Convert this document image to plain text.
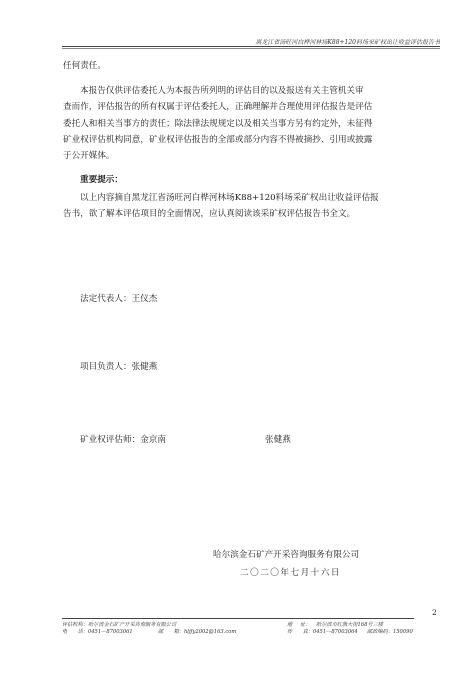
黑龙江省汤旺河白桦河林场K88+120料场采矿权出让收益评估报告书
任何责任。
本报告仅供评估委托人为本报告所列明的评估目的以及报送有关主管机关审
查而作，评估报告的所有权属于评估委托人，正确理解并合理使用评估报告是评估
委托人和相关当事方的责任；除法律法规规定以及相关当事方另有约定外，未征得
矿业权评估机构同意，矿业权评估报告的全部或部分内容不得被摘抄、引用或披露
于公开媒体。
重要提示：
以上内容摘自黑龙江省汤旺河白桦河林场K88+120料场采矿权出让收益评估报
告书，欲了解本评估项目的全面情况，应认真阅读该采矿权评估报告书全文。
法定代表人：王仪杰
项目负责人：张健燕
矿业权评估师：金京南	张健燕
哈尔滨金石矿产开采咨询服务有限公司
二〇二〇年七月十六日
2
评估机构：哈尔滨金石矿产开采咨询服务有限公司	地 址： 哈尔滨市红旗大街168号三楼
电　　话：0451—87003061	邮　　箱：hljfy2002@163.com	传　　真：0451—87003064 邮政编码：150090
